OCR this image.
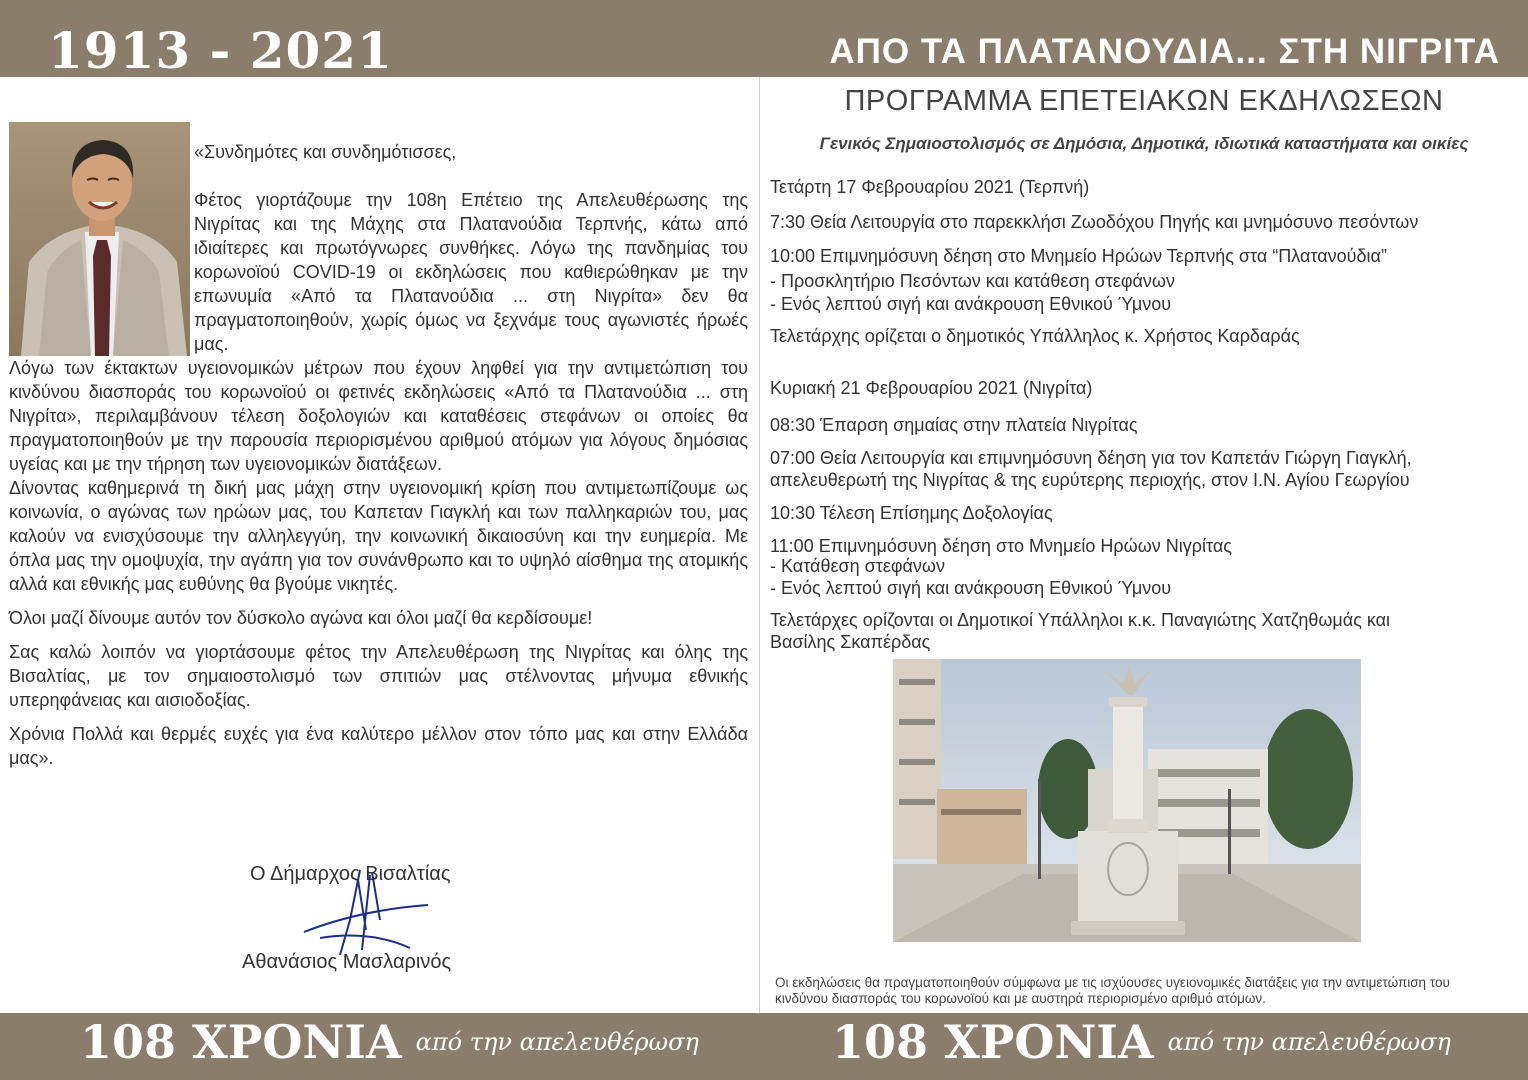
1913 - 2021	ΑΠΟ ΤΑ ΠΛΑΤΑΝΟΥΔΙΑ... ΣΤΗ ΝΙΓΡΙΤΑ

«Συνδημότες και συνδημότισσες,

Φέτος γιορτάζουμε την 108η Επέτειο της Απελευθέρωσης της Νιγρίτας και της Μάχης στα Πλατανούδια Τερπνής, κάτω από ιδιαίτερες και πρωτόγνωρες συνθήκες. Λόγω της πανδημίας του κορωνοϊού COVID-19 οι εκδηλώσεις που καθιερώθηκαν με την επωνυμία «Από τα Πλατανούδια ... στη Νιγρίτα» δεν θα πραγματοποιηθούν, χωρίς όμως να ξεχνάμε τους αγωνιστές ήρωές μας.

Λόγω των έκτακτων υγειονομικών μέτρων που έχουν ληφθεί για την αντιμετώπιση του κινδύνου διασποράς του κορωνοϊού οι φετινές εκδηλώσεις «Από τα Πλατανούδια ... στη Νιγρίτα», περιλαμβάνουν τέλεση δοξολογιών και καταθέσεις στεφάνων οι οποίες θα πραγματοποιηθούν με την παρουσία περιορισμένου αριθμού ατόμων για λόγους δημόσιας υγείας και με την τήρηση των υγειονομικών διατάξεων.

Δίνοντας καθημερινά τη δική μας μάχη στην υγειονομική κρίση που αντιμετωπίζουμε ως κοινωνία, ο αγώνας των ηρώων μας, του Καπεταν Γιαγκλή και των παλληκαριών του, μας καλούν να ενισχύσουμε την αλληλεγγύη, την κοινωνική δικαιοσύνη και την ευημερία. Με όπλα μας την ομοψυχία, την αγάπη για τον συνάνθρωπο και το υψηλό αίσθημα της ατομικής αλλά και εθνικής μας ευθύνης θα βγούμε νικητές.

Όλοι μαζί δίνουμε αυτόν τον δύσκολο αγώνα και όλοι μαζί θα κερδίσουμε!

Σας καλώ λοιπόν να γιορτάσουμε φέτος την Απελευθέρωση της Νιγρίτας και όλης της Βισαλτίας, με τον σημαιοστολισμό των σπιτιών μας στέλνοντας μήνυμα εθνικής υπερηφάνειας και αισιοδοξίας.

Χρόνια Πολλά και θερμές ευχές για ένα καλύτερο μέλλον στον τόπο μας και στην Ελλάδα μας».

Ο Δήμαρχος Βισαλτίας
Αθανάσιος Μασλαρινός
ΠΡΟΓΡΑΜΜΑ ΕΠΕΤΕΙΑΚΩΝ ΕΚΔΗΛΩΣΕΩΝ
Γενικός Σημαιοστολισμός σε Δημόσια, Δημοτικά, ιδιωτικά καταστήματα και οικίες
Τετάρτη 17 Φεβρουαρίου 2021 (Τερπνή)
7:30 Θεία Λειτουργία στο παρεκκλήσι Ζωοδόχου Πηγής και μνημόσυνο πεσόντων
10:00 Επιμνημόσυνη δέηση στο Μνημείο Ηρώων Τερπνής στα “Πλατανούδια”
- Προσκλητήριο Πεσόντων και κατάθεση στεφάνων
- Ενός λεπτού σιγή και ανάκρουση Εθνικού Ύμνου
Τελετάρχης ορίζεται ο δημοτικός Υπάλληλος κ. Χρήστος Καρδαράς
Κυριακή 21 Φεβρουαρίου 2021 (Νιγρίτα)
08:30 Έπαρση σημαίας στην πλατεία Νιγρίτας
07:00 Θεία Λειτουργία και επιμνημόσυνη δέηση για τον Καπετάν Γιώργη Γιαγκλή, απελευθερωτή της Νιγρίτας & της ευρύτερης περιοχής, στον Ι.Ν. Αγίου Γεωργίου
10:30 Τέλεση Επίσημης Δοξολογίας
11:00 Επιμνημόσυνη δέηση στο Μνημείο Ηρώων Νιγρίτας
- Κατάθεση στεφάνων
- Ενός λεπτού σιγή και ανάκρουση Εθνικού Ύμνου
Τελετάρχες ορίζονται οι Δημοτικοί Υπάλληλοι κ.κ. Παναγιώτης Χατζηθωμάς και Βασίλης Σκαπέρδας
Οι εκδηλώσεις θα πραγματοποιηθούν σύμφωνα με τις ισχύουσες υγειονομικές διατάξεις για την αντιμετώπιση του κινδύνου διασποράς του κορωνοϊού και με αυστηρά περιορισμένο αριθμό ατόμων.
108 ΧΡΟΝΙΑ από την απελευθέρωση	108 ΧΡΟΝΙΑ από την απελευθέρωση
